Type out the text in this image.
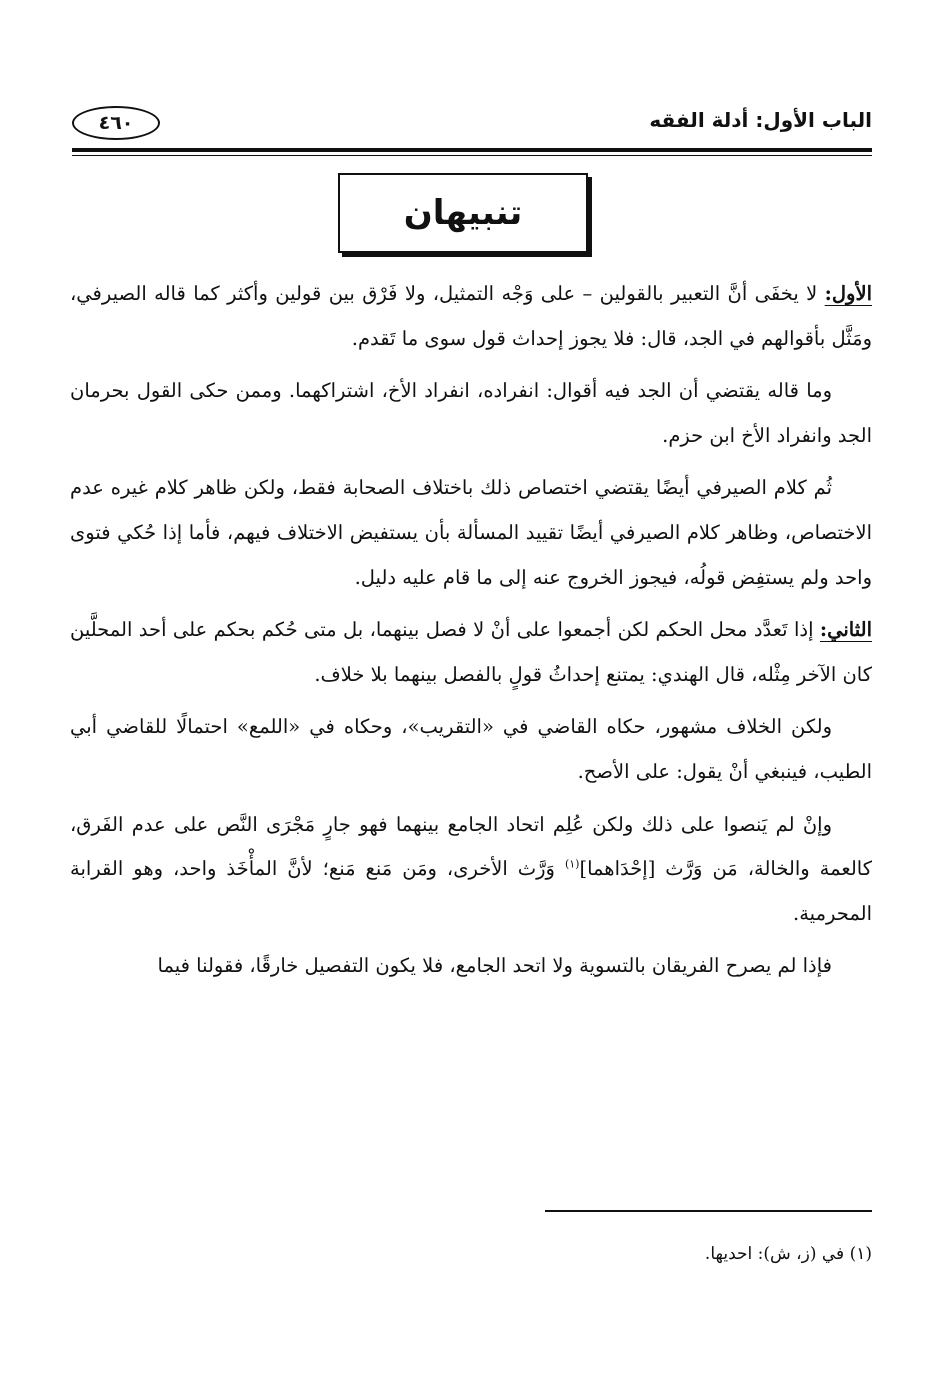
الباب الأول: أدلة الفقه
٤٦٠
تنبيهان

الأول: لا يخفَى أنَّ التعبير بالقولين – على وَجْه التمثيل، ولا فَرْق بين قولين وأكثر كما قاله الصيرفي، ومَثَّل بأقوالهم في الجد، قال: فلا يجوز إحداث قول سوى ما تَقدم.

وما قاله يقتضي أن الجد فيه أقوال: انفراده، انفراد الأخ، اشتراكهما. وممن حكى القول بحرمان الجد وانفراد الأخ ابن حزم.

ثُم كلام الصيرفي أيضًا يقتضي اختصاص ذلك باختلاف الصحابة فقط، ولكن ظاهر كلام غيره عدم الاختصاص، وظاهر كلام الصيرفي أيضًا تقييد المسألة بأن يستفيض الاختلاف فيهم، فأما إذا حُكي فتوى واحد ولم يستفِض قولُه، فيجوز الخروج عنه إلى ما قام عليه دليل.

الثاني: إذا تَعدَّد محل الحكم لكن أجمعوا على أنْ لا فصل بينهما، بل متى حُكم بحكم على أحد المحلَّين كان الآخر مِثْله، قال الهندي: يمتنع إحداثُ قولٍ بالفصل بينهما بلا خلاف.

ولكن الخلاف مشهور، حكاه القاضي في «التقريب»، وحكاه في «اللمع» احتمالًا للقاضي أبي الطيب، فينبغي أنْ يقول: على الأصح.

وإنْ لم يَنصوا على ذلك ولكن عُلِم اتحاد الجامع بينهما فهو جارٍ مَجْرَى النَّص على عدم الفَرق، كالعمة والخالة، مَن وَرَّث [إحْدَاهما]$^{(١)}$ وَرَّث الأخرى، ومَن مَنع مَنع؛ لأنَّ المأْخَذ واحد، وهو القرابة المحرمية.

فإذا لم يصرح الفريقان بالتسوية ولا اتحد الجامع، فلا يكون التفصيل خارقًا، فقولنا فيما

(١) في (ز، ش): احديها.
